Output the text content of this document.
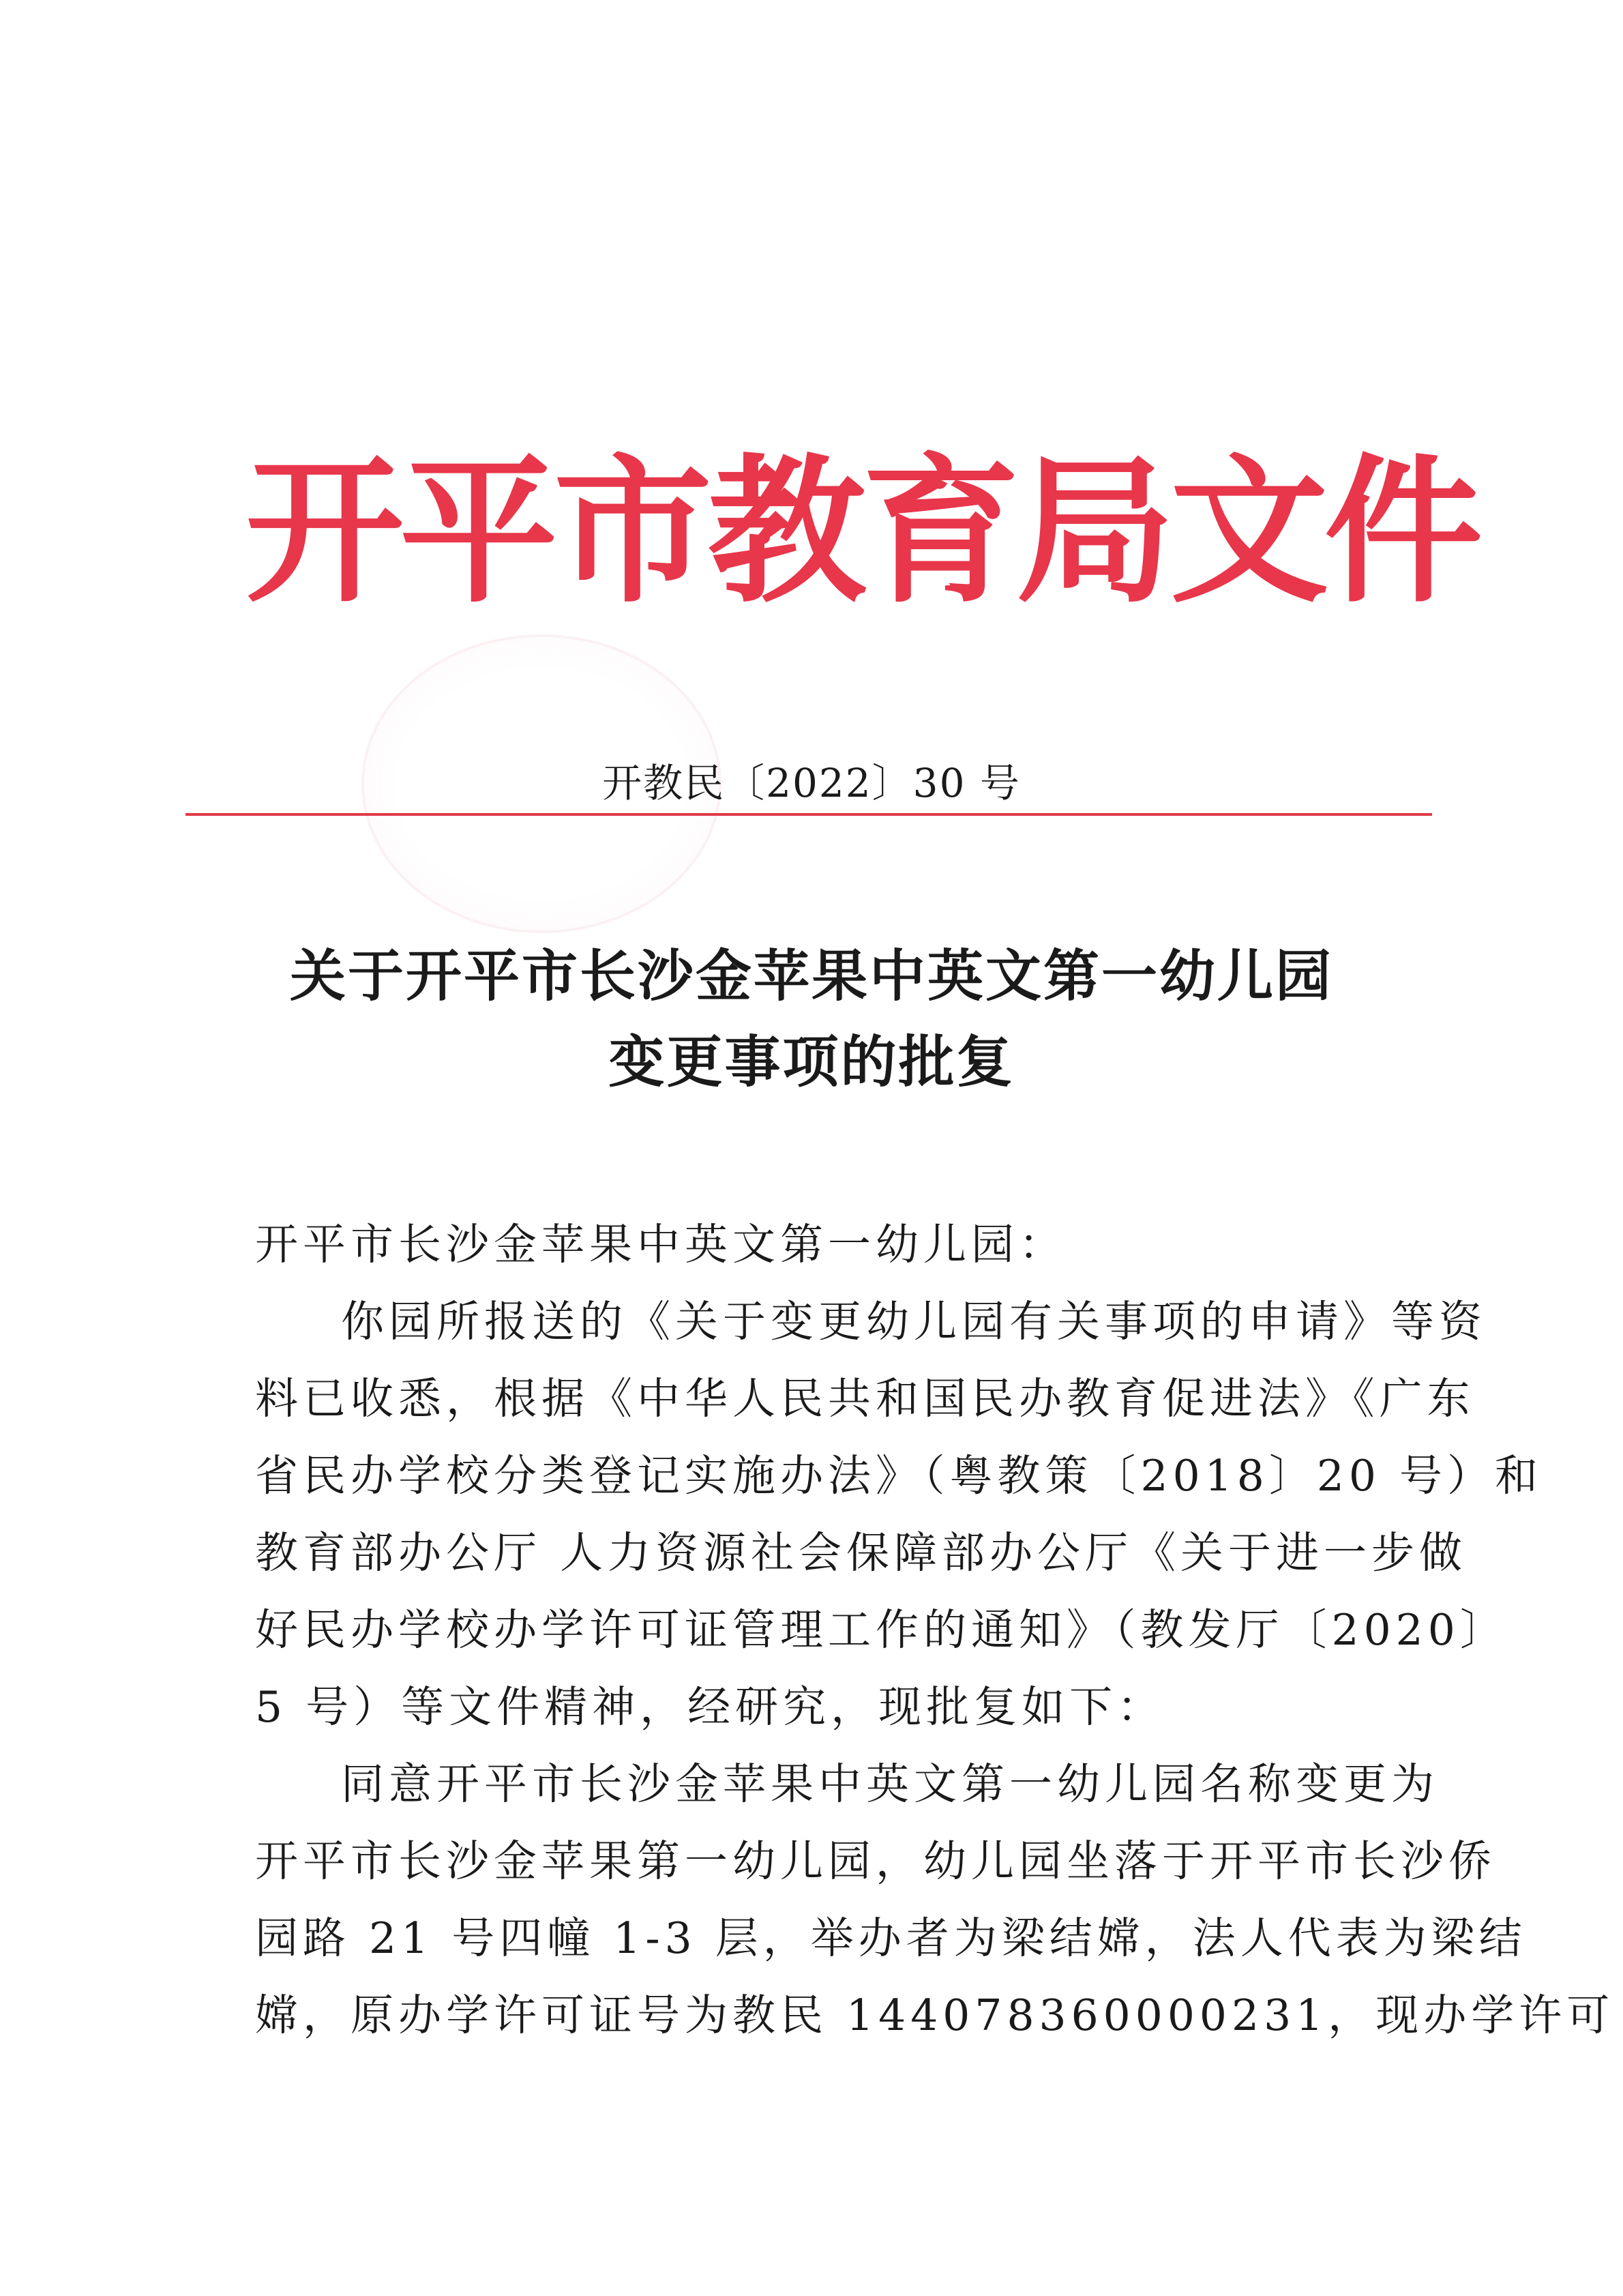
开平市教育局文件
开教民〔2022〕30 号
关于开平市长沙金苹果中英文第一幼儿园
变更事项的批复
开平市长沙金苹果中英文第一幼儿园：
你园所报送的《关于变更幼儿园有关事项的申请》等资
料已收悉，根据《中华人民共和国民办教育促进法》《广东
省民办学校分类登记实施办法》（粤教策〔2018〕20 号）和
教育部办公厅 人力资源社会保障部办公厅《关于进一步做
好民办学校办学许可证管理工作的通知》（教发厅〔2020〕
5 号）等文件精神，经研究，现批复如下：
同意开平市长沙金苹果中英文第一幼儿园名称变更为
开平市长沙金苹果第一幼儿园，幼儿园坐落于开平市长沙侨
园路 21 号四幢 1-3 层，举办者为梁结嫦，法人代表为梁结
嫦，原办学许可证号为教民 144078360000231，现办学许可
